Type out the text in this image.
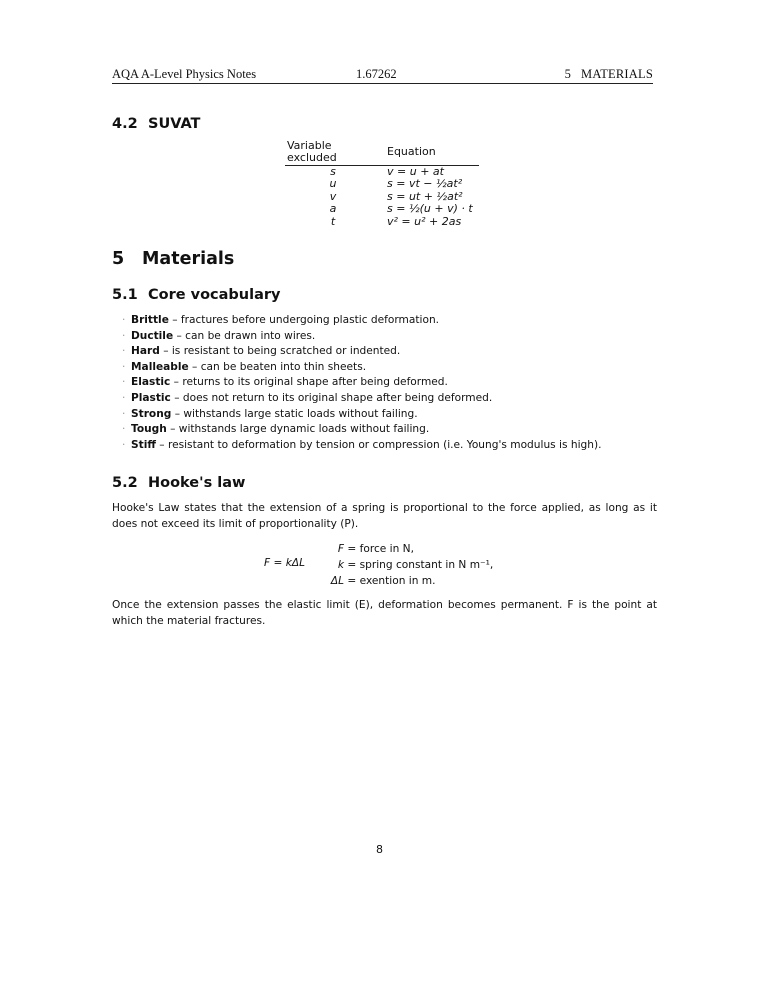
AQA A-Level Physics Notes	1.67262	5   MATERIALS
4.2 SUVAT
Variable excluded	Equation
s	v = u + at
u	s = vt − ½at²
v	s = ut + ½at²
a	s = ½(u + v) · t
t	v² = u² + 2as
5 Materials
5.1 Core vocabulary
· Brittle – fractures before undergoing plastic deformation.
· Ductile – can be drawn into wires.
· Hard – is resistant to being scratched or indented.
· Malleable – can be beaten into thin sheets.
· Elastic – returns to its original shape after being deformed.
· Plastic – does not return to its original shape after being deformed.
· Strong – withstands large static loads without failing.
· Tough – withstands large dynamic loads without failing.
· Stiff – resistant to deformation by tension or compression (i.e. Young's modulus is high).
5.2 Hooke's law

Hooke's Law states that the extension of a spring is proportional to the force applied, as long as it does not exceed its limit of proportionality (P).

F = kΔL
F = force in N,
k = spring constant in N m⁻¹,
ΔL = exention in m.

Once the extension passes the elastic limit (E), deformation becomes permanent. F is the point at which the material fractures.

8
